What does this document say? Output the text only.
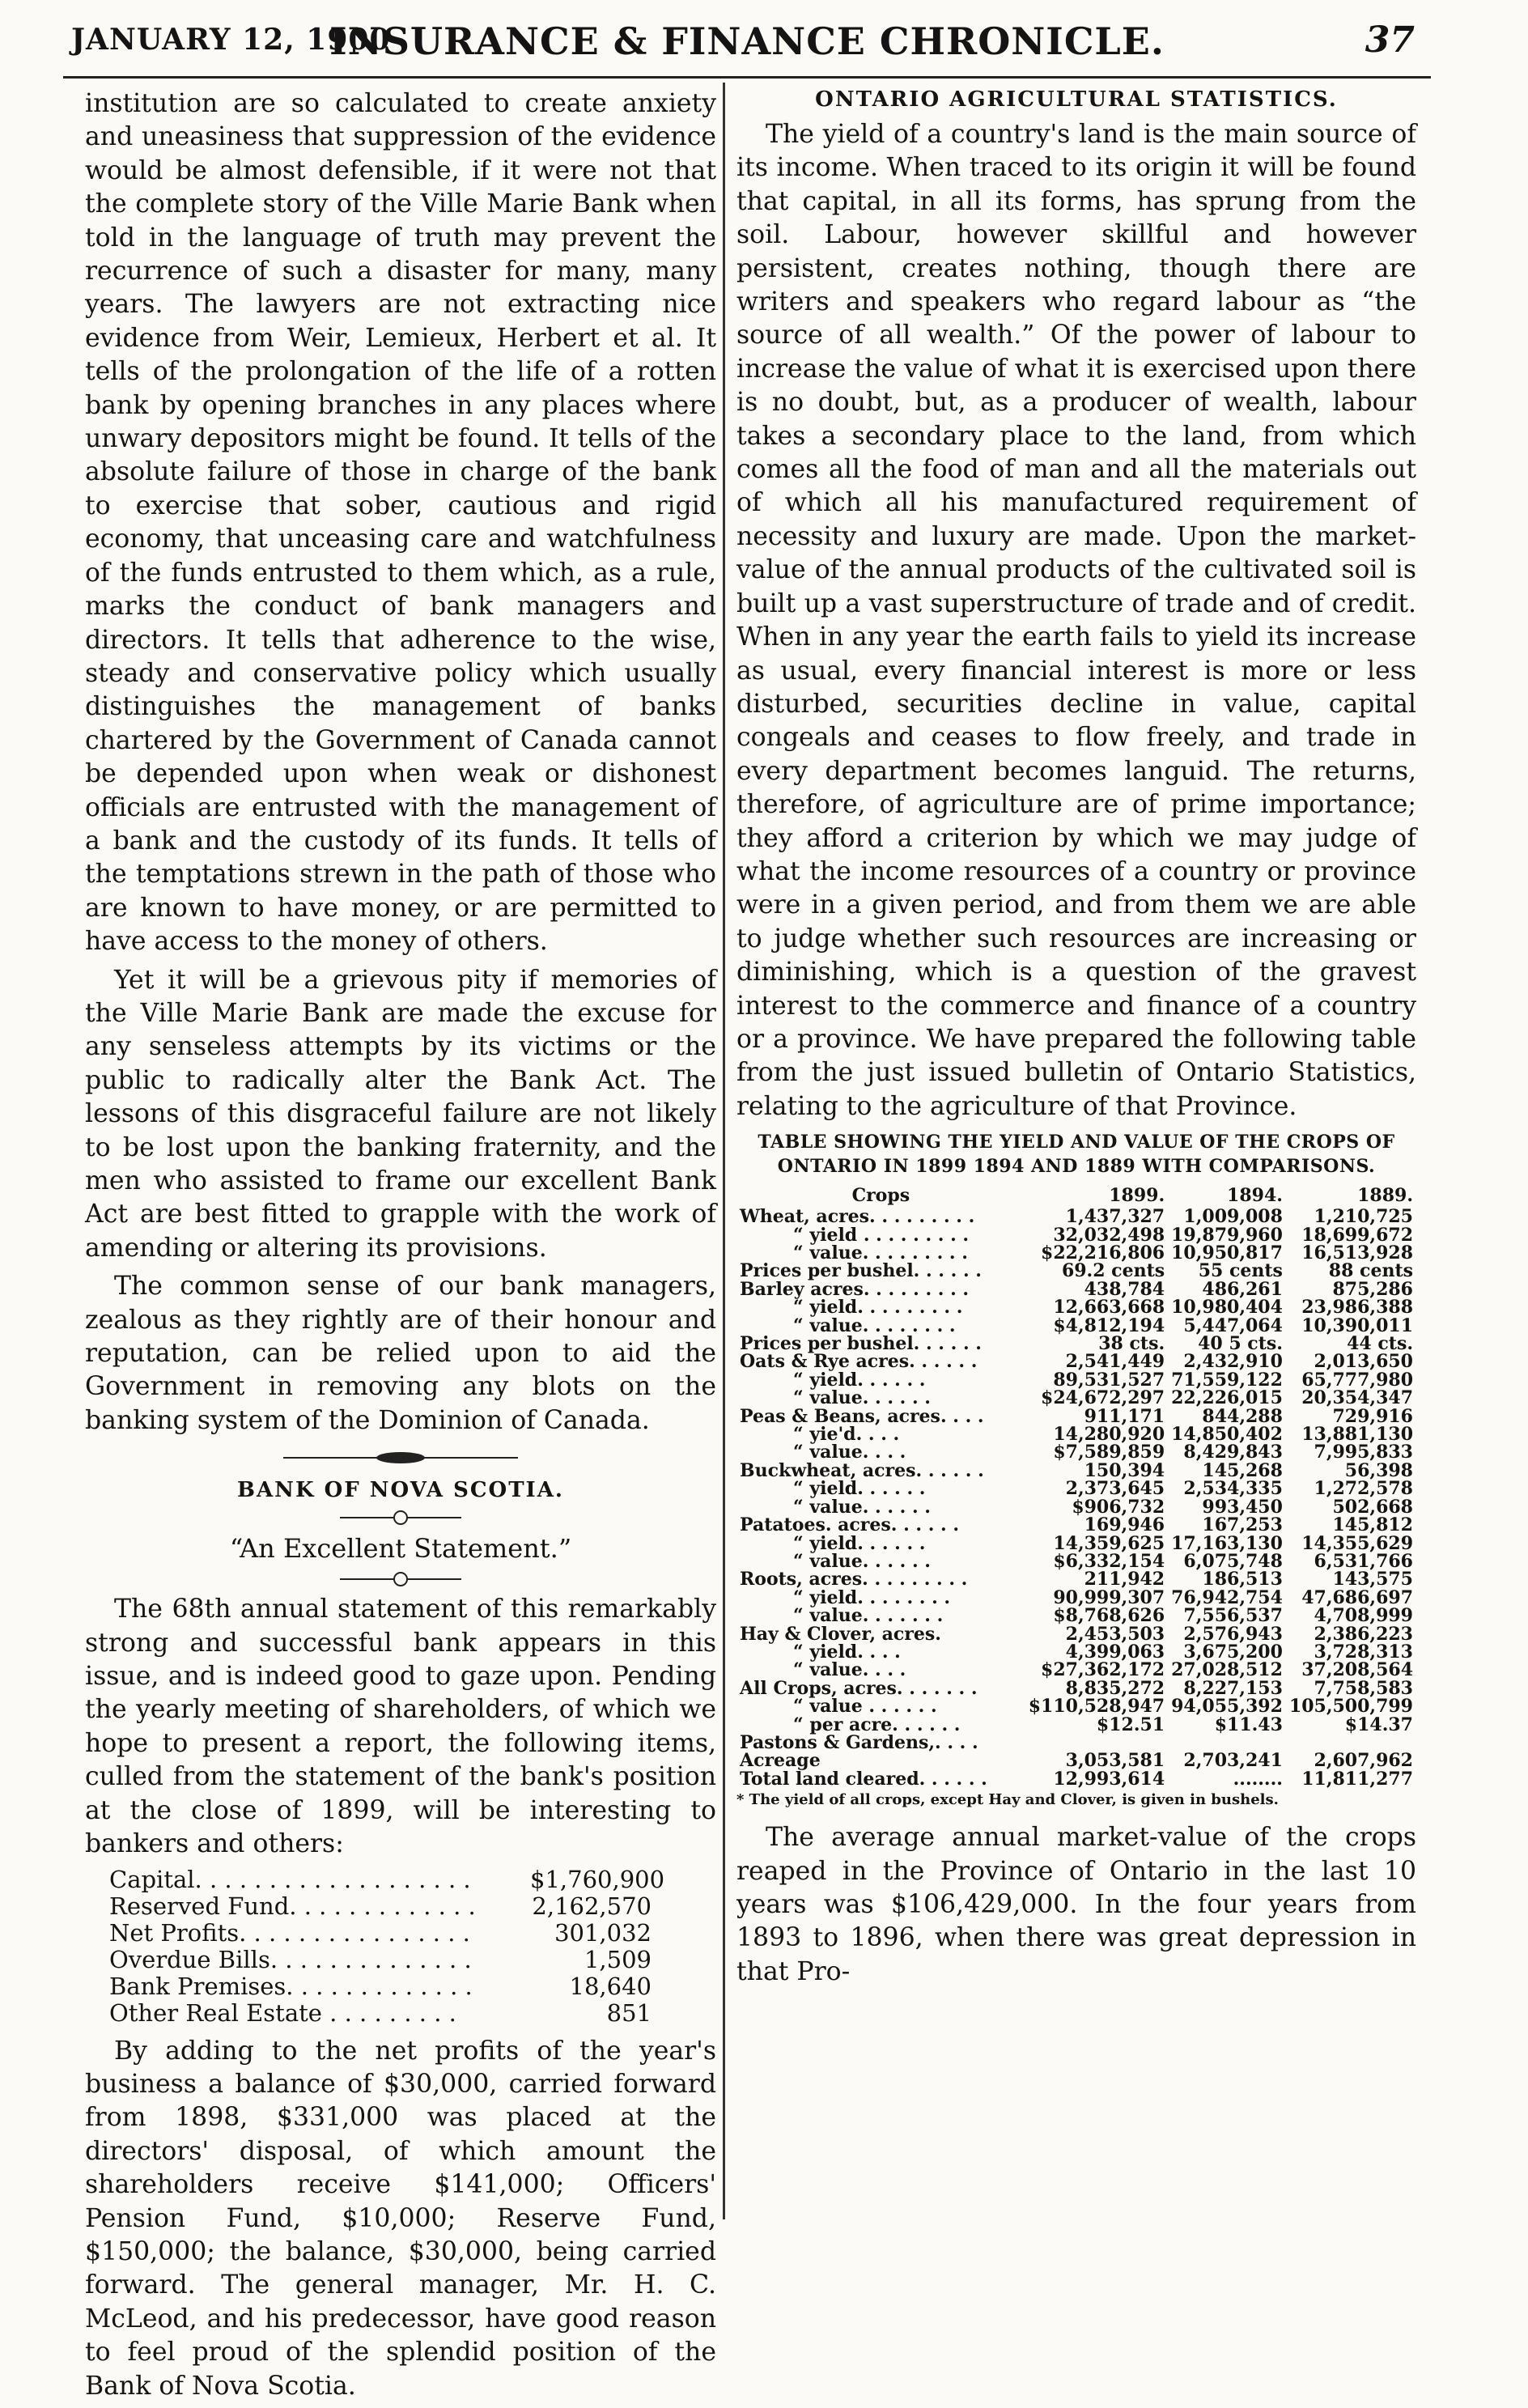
JANUARY 12, 1900
INSURANCE & FINANCE CHRONICLE.	37

institution are so calculated to create anxiety and uneasiness that suppression of the evidence would be almost defensible, if it were not that the complete story of the Ville Marie Bank when told in the language of truth may prevent the recurrence of such a disaster for many, many years. The lawyers are not extracting nice evidence from Weir, Lemieux, Herbert et al. It tells of the prolongation of the life of a rotten bank by opening branches in any places where unwary depositors might be found. It tells of the absolute failure of those in charge of the bank to exercise that sober, cautious and rigid economy, that unceasing care and watchfulness of the funds entrusted to them which, as a rule, marks the conduct of bank managers and directors. It tells that adherence to the wise, steady and conservative policy which usually distinguishes the management of banks chartered by the Government of Canada cannot be depended upon when weak or dishonest officials are entrusted with the management of a bank and the custody of its funds. It tells of the temptations strewn in the path of those who are known to have money, or are permitted to have access to the money of others.

Yet it will be a grievous pity if memories of the Ville Marie Bank are made the excuse for any senseless attempts by its victims or the public to radically alter the Bank Act. The lessons of this disgraceful failure are not likely to be lost upon the banking fraternity, and the men who assisted to frame our excellent Bank Act are best fitted to grapple with the work of amending or altering its provisions.

The common sense of our bank managers, zealous as they rightly are of their honour and reputation, can be relied upon to aid the Government in removing any blots on the banking system of the Dominion of Canada.

BANK OF NOVA SCOTIA.
“An Excellent Statement.”

The 68th annual statement of this remarkably strong and successful bank appears in this issue, and is indeed good to gaze upon. Pending the yearly meeting of shareholders, of which we hope to present a report, the following items, culled from the statement of the bank's position at the close of 1899, will be interesting to bankers and others:

Capital. . . . . . . . . . . . . . . . . . .	$1,760,900
Reserved Fund. . . . . . . . . . . . .	2,162,570
Net Profits. . . . . . . . . . . . . . . .	301,032
Overdue Bills. . . . . . . . . . . . . .	1,509
Bank Premises. . . . . . . . . . . . .	18,640
Other Real Estate . . . . . . . . .	851

By adding to the net profits of the year's business a balance of $30,000, carried forward from 1898, $331,000 was placed at the directors' disposal, of which amount the shareholders receive $141,000; Officers' Pension Fund, $10,000; Reserve Fund, $150,000; the balance, $30,000, being carried forward. The general manager, Mr. H. C. McLeod, and his predecessor, have good reason to feel proud of the splendid position of the Bank of Nova Scotia.

ONTARIO AGRICULTURAL STATISTICS.

The yield of a country's land is the main source of its income. When traced to its origin it will be found that capital, in all its forms, has sprung from the soil. Labour, however skillful and however persistent, creates nothing, though there are writers and speakers who regard labour as “the source of all wealth.” Of the power of labour to increase the value of what it is exercised upon there is no doubt, but, as a producer of wealth, labour takes a secondary place to the land, from which comes all the food of man and all the materials out of which all his manufactured requirement of necessity and luxury are made. Upon the market-value of the annual products of the cultivated soil is built up a vast superstructure of trade and of credit. When in any year the earth fails to yield its increase as usual, every financial interest is more or less disturbed, securities decline in value, capital congeals and ceases to flow freely, and trade in every department becomes languid. The returns, therefore, of agriculture are of prime importance; they afford a criterion by which we may judge of what the income resources of a country or province were in a given period, and from them we are able to judge whether such resources are increasing or diminishing, which is a question of the gravest interest to the commerce and finance of a country or a province. We have prepared the following table from the just issued bulletin of Ontario Statistics, relating to the agriculture of that Province.

TABLE SHOWING THE YIELD AND VALUE OF THE CROPS OF
ONTARIO IN 1899 1894 AND 1889 WITH COMPARISONS.
Crops	1899.	1894.	1889.
Wheat, acres. . . . . . . . .	1,437,327	1,009,008	1,210,725
“ yield . . . . . . . . .	32,032,498	19,879,960	18,699,672
“ value. . . . . . . . .	$22,216,806	10,950,817	16,513,928
Prices per bushel. . . . . .	69.2 cents	55 cents	88 cents
Barley acres. . . . . . . . .	438,784	486,261	875,286
“ yield. . . . . . . . .	12,663,668	10,980,404	23,986,388
“ value. . . . . . . .	$4,812,194	5,447,064	10,390,011
Prices per bushel. . . . . .	38 cts.	40 5 cts.	44 cts.
Oats & Rye acres. . . . . .	2,541,449	2,432,910	2,013,650
“ yield. . . . . .	89,531,527	71,559,122	65,777,980
“ value. . . . . .	$24,672,297	22,226,015	20,354,347
Peas & Beans, acres. . . .	911,171	844,288	729,916
“ yie'd. . . .	14,280,920	14,850,402	13,881,130
“ value. . . .	$7,589,859	8,429,843	7,995,833
Buckwheat, acres. . . . . .	150,394	145,268	56,398
“ yield. . . . . .	2,373,645	2,534,335	1,272,578
“ value. . . . . .	$906,732	993,450	502,668
Patatoes. acres. . . . . .	169,946	167,253	145,812
“ yield. . . . . .	14,359,625	17,163,130	14,355,629
“ value. . . . . .	$6,332,154	6,075,748	6,531,766
Roots, acres. . . . . . . . .	211,942	186,513	143,575
“ yield. . . . . . . .	90,999,307	76,942,754	47,686,697
“ value. . . . . . .	$8,768,626	7,556,537	4,708,999
Hay & Clover, acres.	2,453,503	2,576,943	2,386,223
“ yield. . . .	4,399,063	3,675,200	3,728,313
“ value. . . .	$27,362,172	27,028,512	37,208,564
All Crops, acres. . . . . . .	8,835,272	8,227,153	7,758,583
“ value . . . . . .	$110,528,947	94,055,392	105,500,799
“ per acre. . . . . .	$12.51	$11.43	$14.37
Pastons & Gardens,. . . .			
Acreage	3,053,581	2,703,241	2,607,962
Total land cleared. . . . . .	12,993,614	........	11,811,277
* The yield of all crops, except Hay and Clover, is given in bushels.

The average annual market-value of the crops reaped in the Province of Ontario in the last 10 years was $106,429,000. In the four years from 1893 to 1896, when there was great depression in that Pro-
